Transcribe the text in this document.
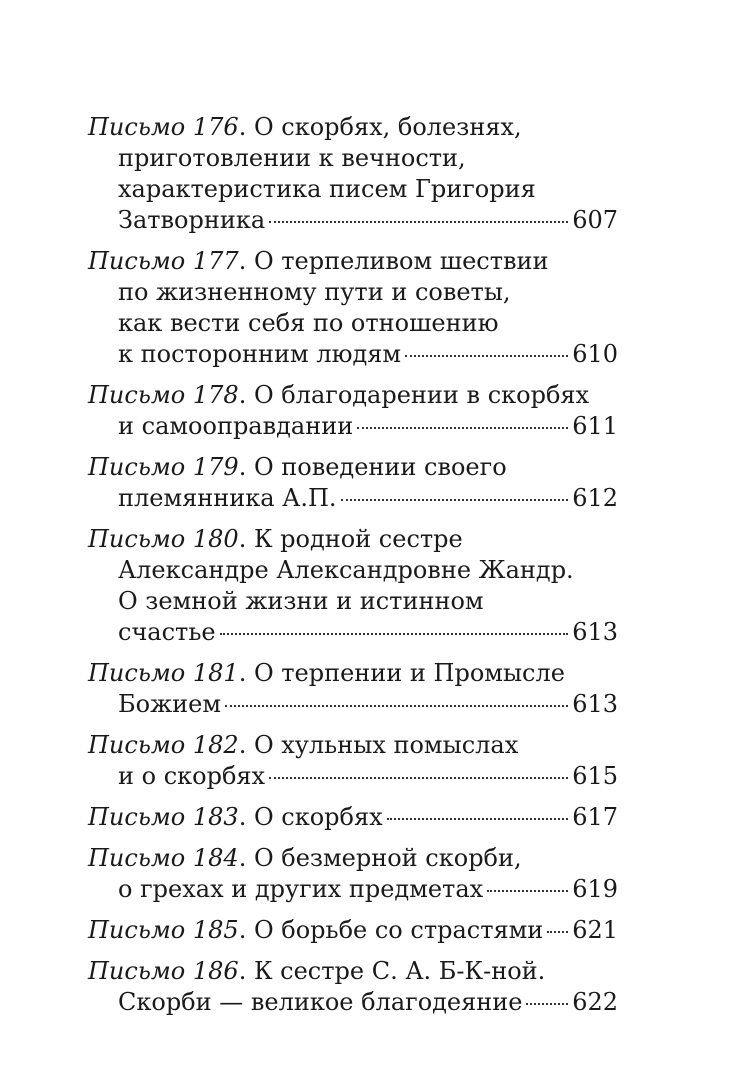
Письмо 176. О скорбях, болезнях,
приготовлении к вечности,
характеристика писем Григория
Затворника	607
Письмо 177. О терпеливом шествии
по жизненному пути и советы,
как вести себя по отношению
к посторонним людям	610
Письмо 178. О благодарении в скорбях
и самооправдании	611
Письмо 179. О поведении своего
племянника А.П.	612
Письмо 180. К родной сестре
Александре Александровне Жандр.
О земной жизни и истинном
счастье	613
Письмо 181. О терпении и Промысле
Божием	613
Письмо 182. О хульных помыслах
и о скорбях	615
Письмо 183. О скорбях	617
Письмо 184. О безмерной скорби,
о грехах и других предметах	619
Письмо 185. О борьбе со страстями 621
Письмо 186. К сестре С. А. Б-К-ной.
Скорби — великое благодеяние 622
